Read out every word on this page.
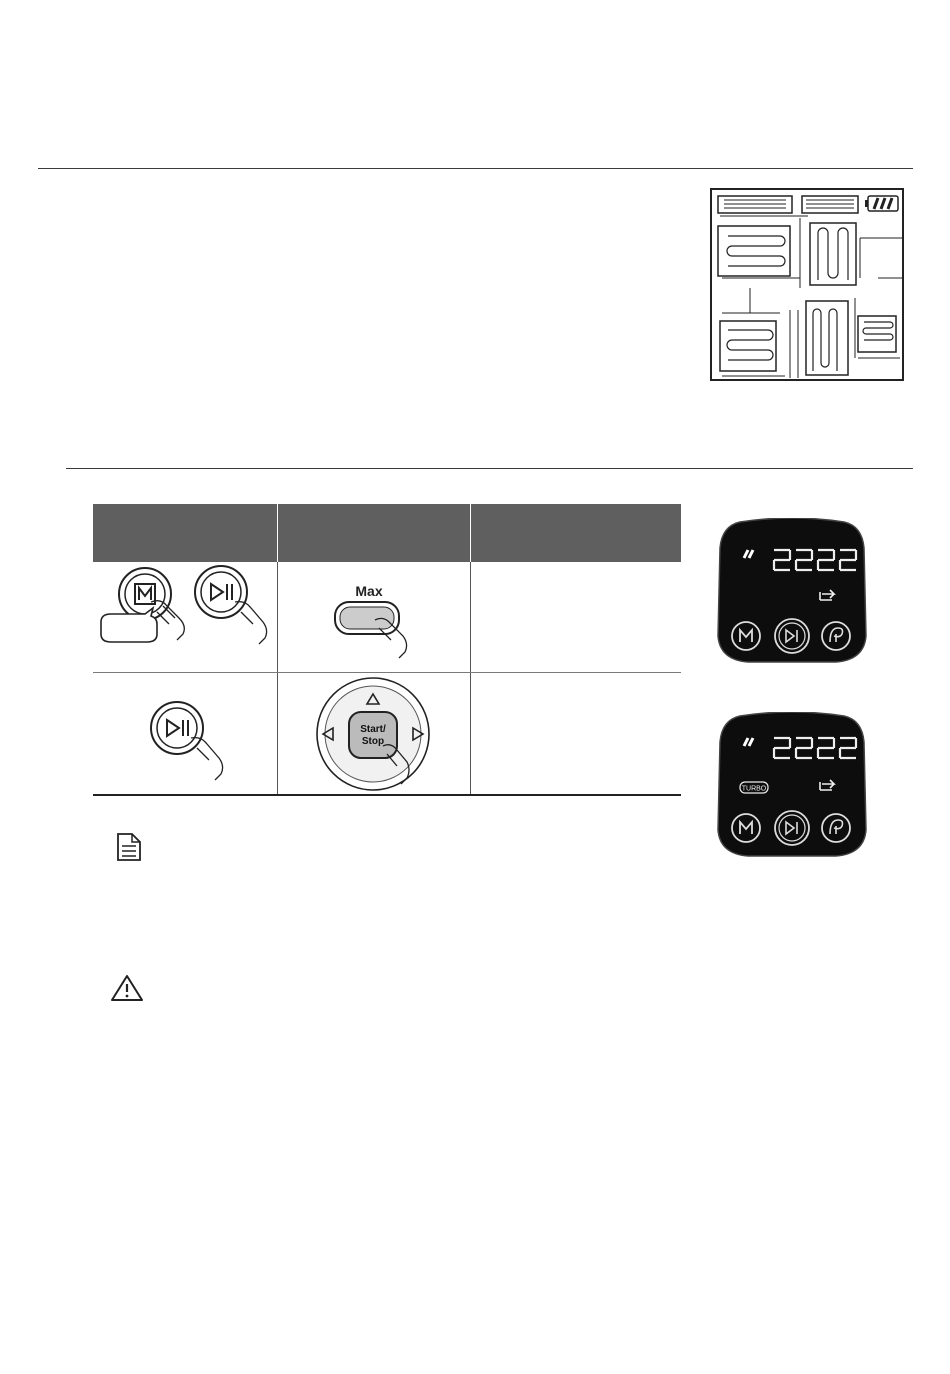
Max
Start/
Stop
TURBO
